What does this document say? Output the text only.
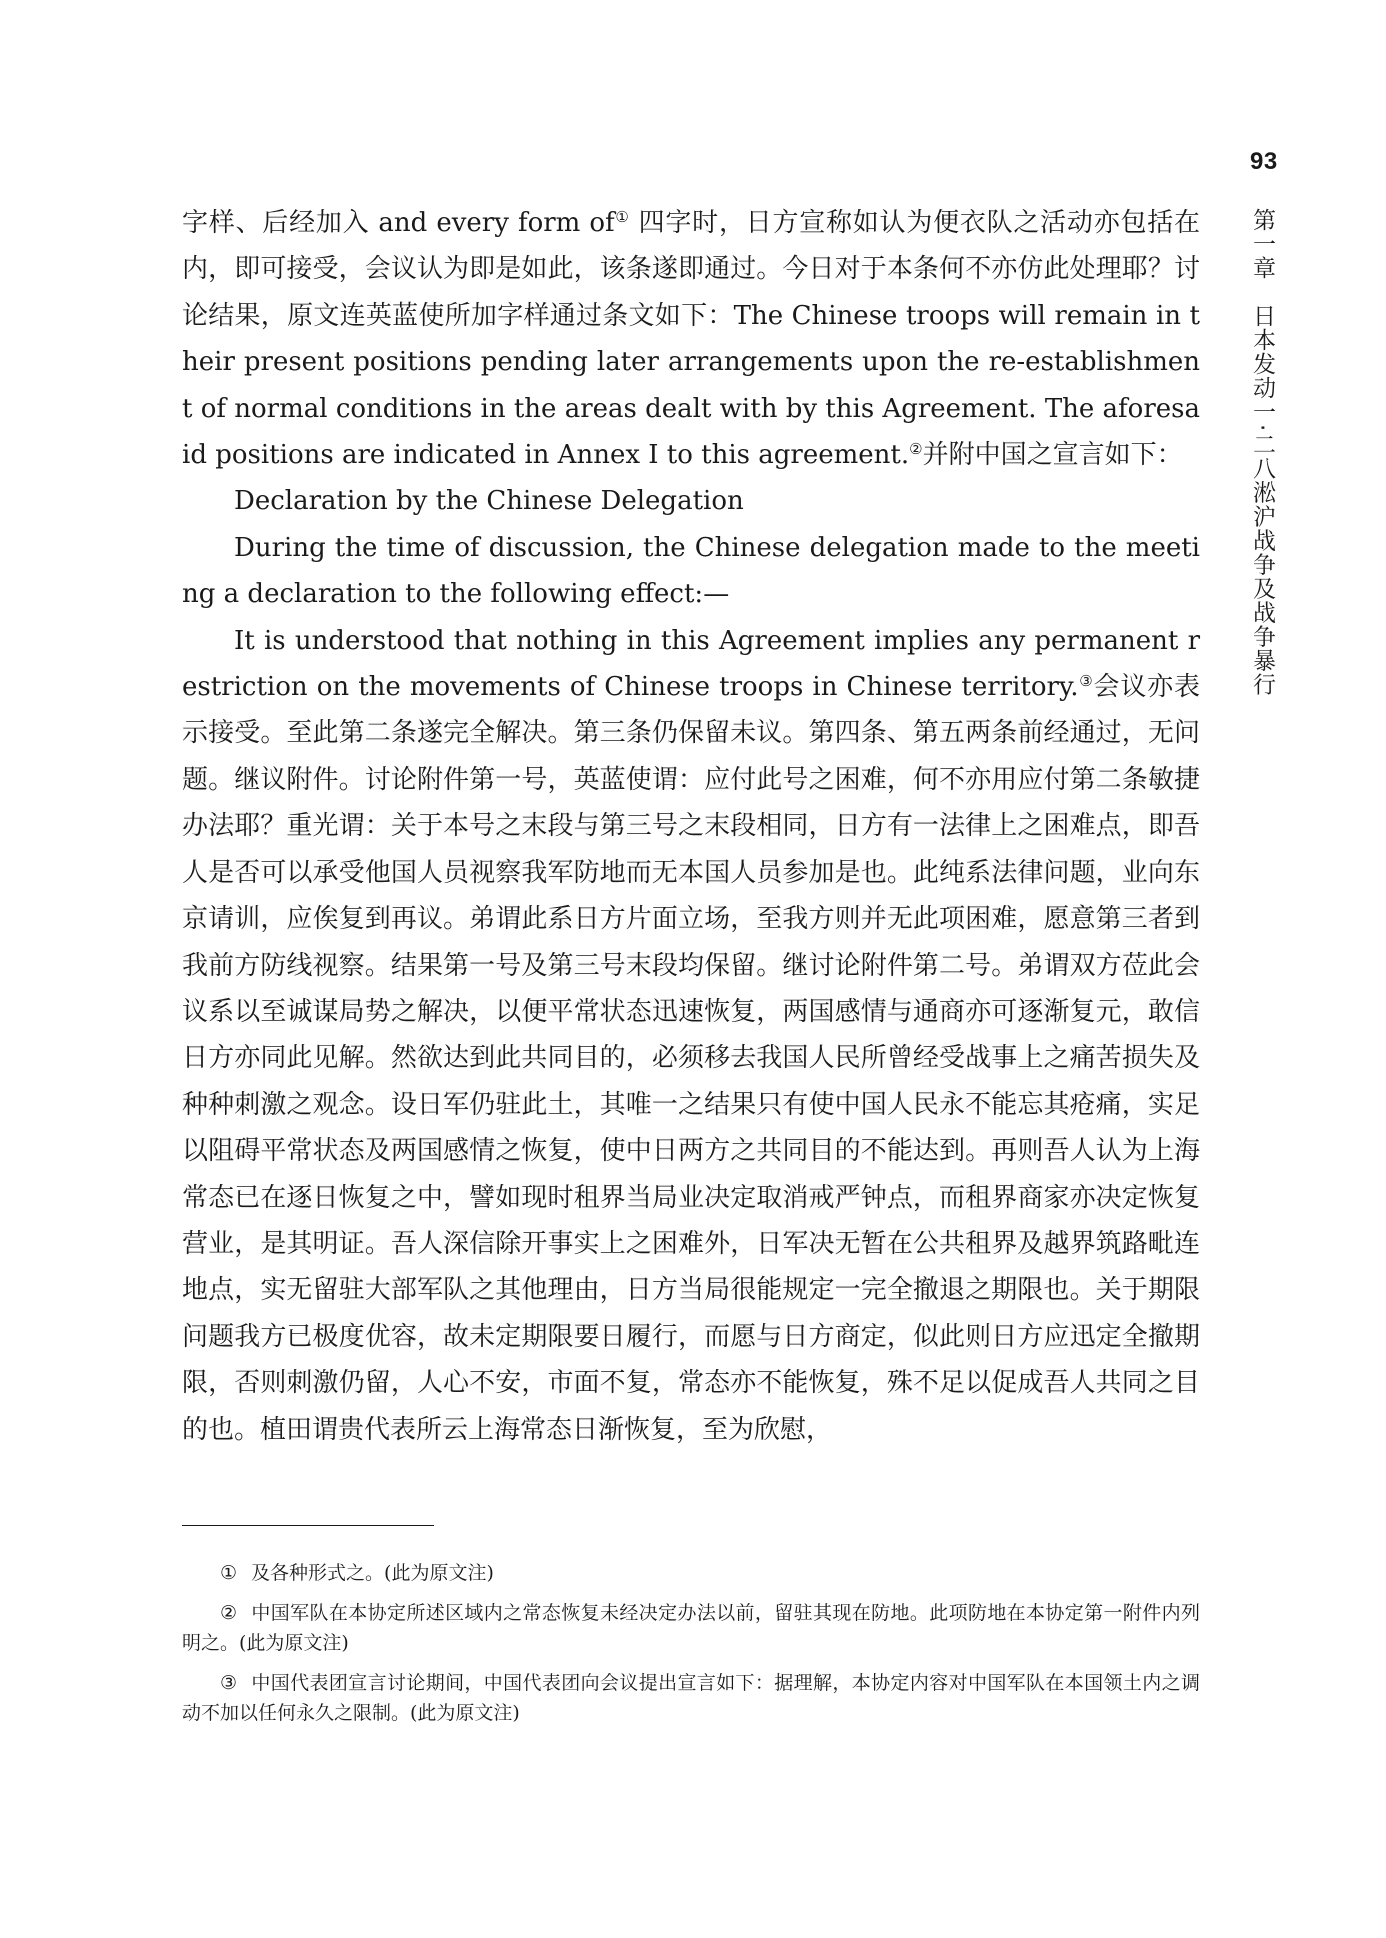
93
第一章　日本发动一·二八淞沪战争及战争暴行

字样、后经加入 and every form of① 四字时，日方宣称如认为便衣队之活动亦包括在内，即可接受，会议认为即是如此，该条遂即通过。今日对于本条何不亦仿此处理耶？讨论结果，原文连英蓝使所加字样通过条文如下：The Chinese troops will remain in their present positions pending later arrangements upon the re-establishment of normal conditions in the areas dealt with by this Agreement. The aforesaid positions are indicated in Annex Ⅰ to this agreement.②并附中国之宣言如下：

Declaration by the Chinese Delegation

During the time of discussion, the Chinese delegation made to the meeting a declaration to the following effect:—

It is understood that nothing in this Agreement implies any permanent restriction on the movements of Chinese troops in Chinese territory.③会议亦表示接受。至此第二条遂完全解决。第三条仍保留未议。第四条、第五两条前经通过，无问题。继议附件。讨论附件第一号，英蓝使谓：应付此号之困难，何不亦用应付第二条敏捷办法耶？重光谓：关于本号之末段与第三号之末段相同，日方有一法律上之困难点，即吾人是否可以承受他国人员视察我军防地而无本国人员参加是也。此纯系法律问题，业向东京请训，应俟复到再议。弟谓此系日方片面立场，至我方则并无此项困难，愿意第三者到我前方防线视察。结果第一号及第三号末段均保留。继讨论附件第二号。弟谓双方莅此会议系以至诚谋局势之解决，以便平常状态迅速恢复，两国感情与通商亦可逐渐复元，敢信日方亦同此见解。然欲达到此共同目的，必须移去我国人民所曾经受战事上之痛苦损失及种种刺激之观念。设日军仍驻此土，其唯一之结果只有使中国人民永不能忘其疮痛，实足以阻碍平常状态及两国感情之恢复，使中日两方之共同目的不能达到。再则吾人认为上海常态已在逐日恢复之中，譬如现时租界当局业决定取消戒严钟点，而租界商家亦决定恢复营业，是其明证。吾人深信除开事实上之困难外，日军决无暂在公共租界及越界筑路毗连地点，实无留驻大部军队之其他理由，日方当局很能规定一完全撤退之期限也。关于期限问题我方已极度优容，故未定期限要日履行，而愿与日方商定，似此则日方应迅定全撤期限，否则刺激仍留，人心不安，市面不复，常态亦不能恢复，殊不足以促成吾人共同之目的也。植田谓贵代表所云上海常态日渐恢复，至为欣慰，

① 及各种形式之。(此为原文注)

② 中国军队在本协定所述区域内之常态恢复未经决定办法以前，留驻其现在防地。此项防地在本协定第一附件内列明之。(此为原文注)

③ 中国代表团宣言讨论期间，中国代表团向会议提出宣言如下：据理解，本协定内容对中国军队在本国领土内之调动不加以任何永久之限制。(此为原文注)
